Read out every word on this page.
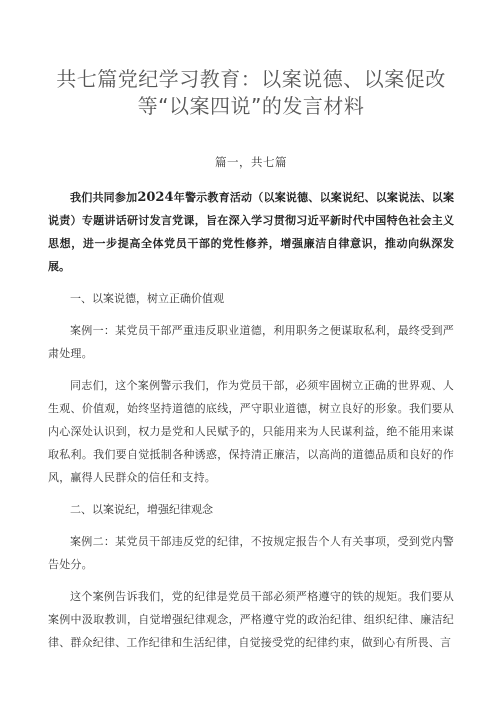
共七篇党纪学习教育：以案说德、以案促改等“以案四说”的发言材料
篇一，共七篇
我们共同参加2024年警示教育活动（以案说德、以案说纪、以案说法、以案说责）专题讲话研讨发言党课，旨在深入学习贯彻习近平新时代中国特色社会主义思想，进一步提高全体党员干部的党性修养，增强廉洁自律意识，推动向纵深发展。
一、以案说德，树立正确价值观
案例一：某党员干部严重违反职业道德，利用职务之便谋取私利，最终受到严肃处理。
同志们，这个案例警示我们，作为党员干部，必须牢固树立正确的世界观、人生观、价值观，始终坚持道德的底线，严守职业道德，树立良好的形象。我们要从内心深处认识到，权力是党和人民赋予的，只能用来为人民谋利益，绝不能用来谋取私利。我们要自觉抵制各种诱惑，保持清正廉洁，以高尚的道德品质和良好的作风，赢得人民群众的信任和支持。
二、以案说纪，增强纪律观念
案例二：某党员干部违反党的纪律，不按规定报告个人有关事项，受到党内警告处分。
这个案例告诉我们，党的纪律是党员干部必须严格遵守的铁的规矩。我们要从案例中汲取教训，自觉增强纪律观念，严格遵守党的政治纪律、组织纪律、廉洁纪律、群众纪律、工作纪律和生活纪律，自觉接受党的纪律约束，做到心有所畏、言
